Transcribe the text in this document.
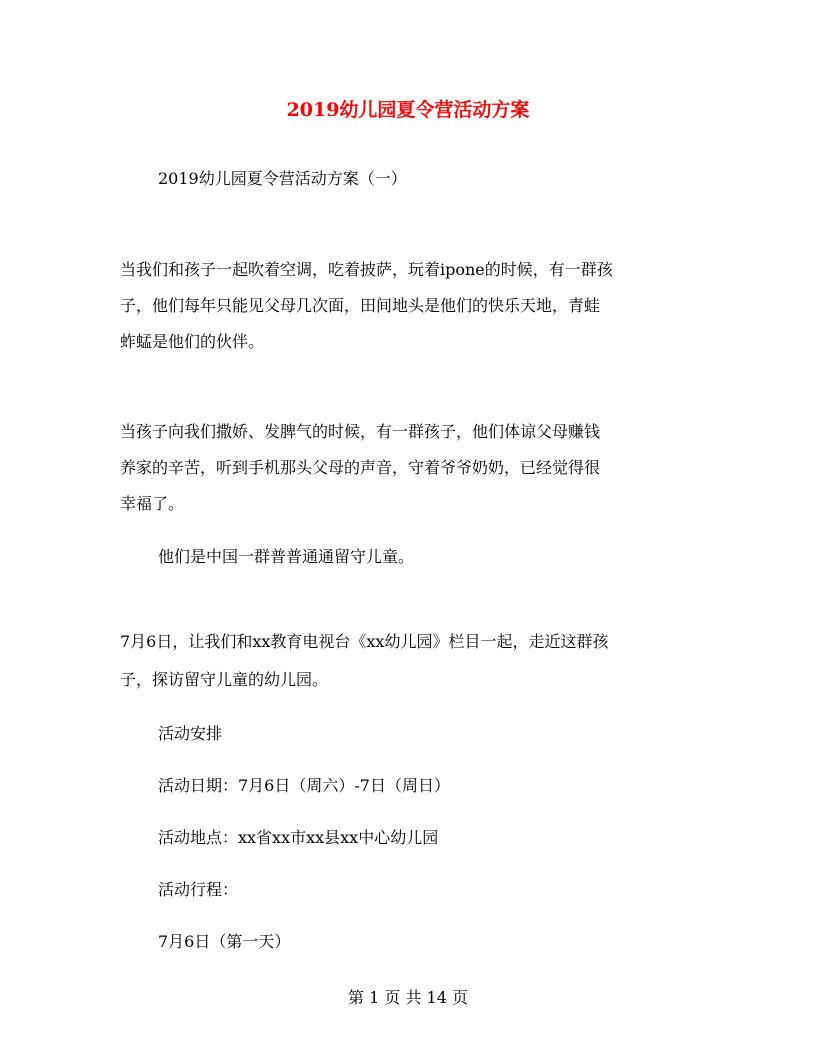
2019幼儿园夏令营活动方案
2019幼儿园夏令营活动方案（一）
当我们和孩子一起吹着空调，吃着披萨，玩着ipone的时候，有一群孩
子，他们每年只能见父母几次面，田间地头是他们的快乐天地，青蛙
蚱蜢是他们的伙伴。
当孩子向我们撒娇、发脾气的时候，有一群孩子，他们体谅父母赚钱
养家的辛苦，听到手机那头父母的声音，守着爷爷奶奶，已经觉得很
幸福了。
他们是中国一群普普通通留守儿童。
7月6日，让我们和xx教育电视台《xx幼儿园》栏目一起，走近这群孩
子，探访留守儿童的幼儿园。
活动安排
活动日期：7月6日（周六）-7日（周日）
活动地点：xx省xx市xx县xx中心幼儿园
活动行程：
7月6日（第一天）
第 1 页 共 14 页
